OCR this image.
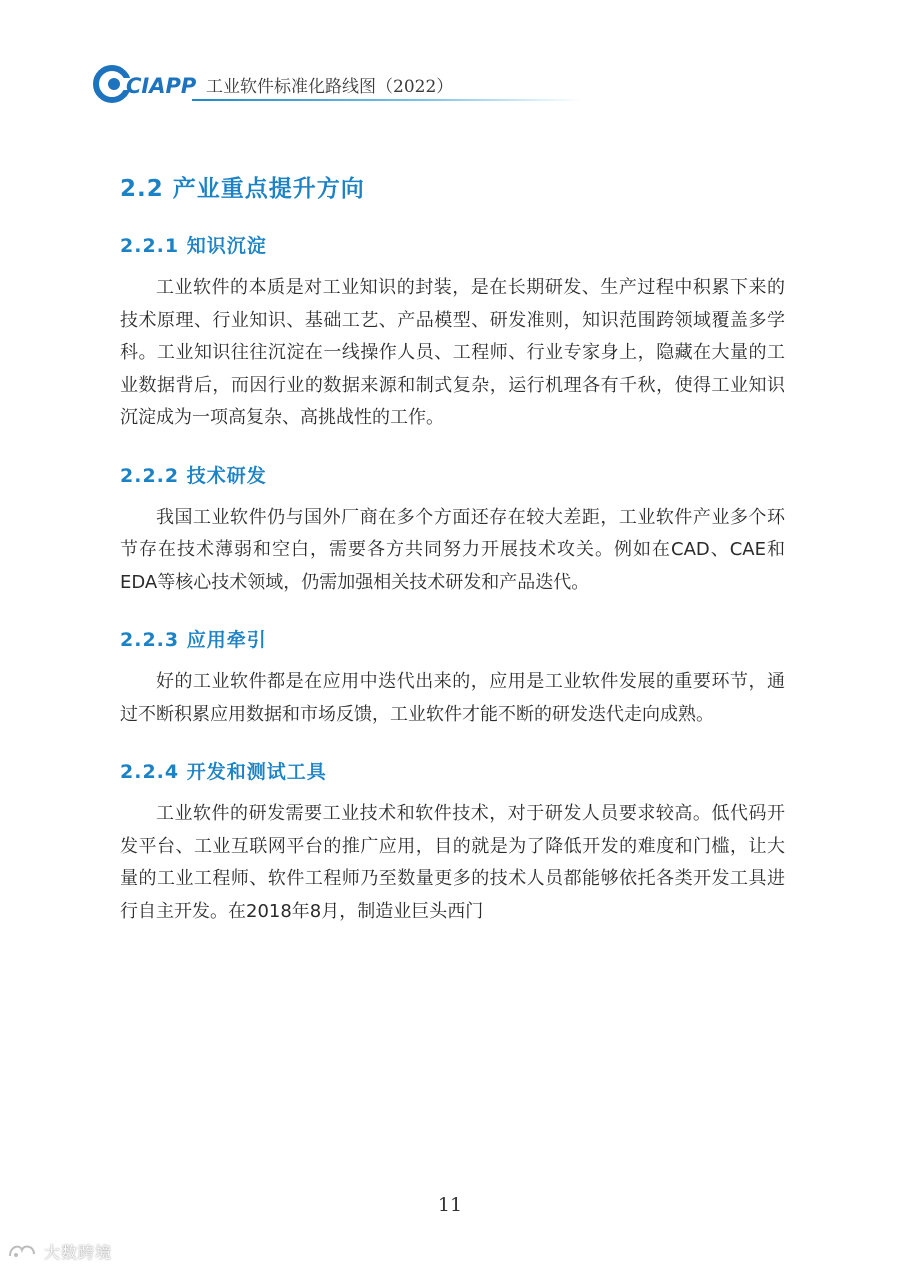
CIAPP 工业软件标准化路线图（2022）
2.2 产业重点提升方向
2.2.1 知识沉淀

工业软件的本质是对工业知识的封装，是在长期研发、生产过程中积累下来的技术原理、行业知识、基础工艺、产品模型、研发准则，知识范围跨领域覆盖多学科。工业知识往往沉淀在一线操作人员、工程师、行业专家身上，隐藏在大量的工业数据背后，而因行业的数据来源和制式复杂，运行机理各有千秋，使得工业知识沉淀成为一项高复杂、高挑战性的工作。

2.2.2 技术研发

我国工业软件仍与国外厂商在多个方面还存在较大差距，工业软件产业多个环节存在技术薄弱和空白，需要各方共同努力开展技术攻关。例如在CAD、CAE和EDA等核心技术领域，仍需加强相关技术研发和产品迭代。

2.2.3 应用牵引

好的工业软件都是在应用中迭代出来的，应用是工业软件发展的重要环节，通过不断积累应用数据和市场反馈，工业软件才能不断的研发迭代走向成熟。

2.2.4 开发和测试工具

工业软件的研发需要工业技术和软件技术，对于研发人员要求较高。低代码开发平台、工业互联网平台的推广应用，目的就是为了降低开发的难度和门槛，让大量的工业工程师、软件工程师乃至数量更多的技术人员都能够依托各类开发工具进行自主开发。在2018年8月，制造业巨头西门

11
大数跨境
